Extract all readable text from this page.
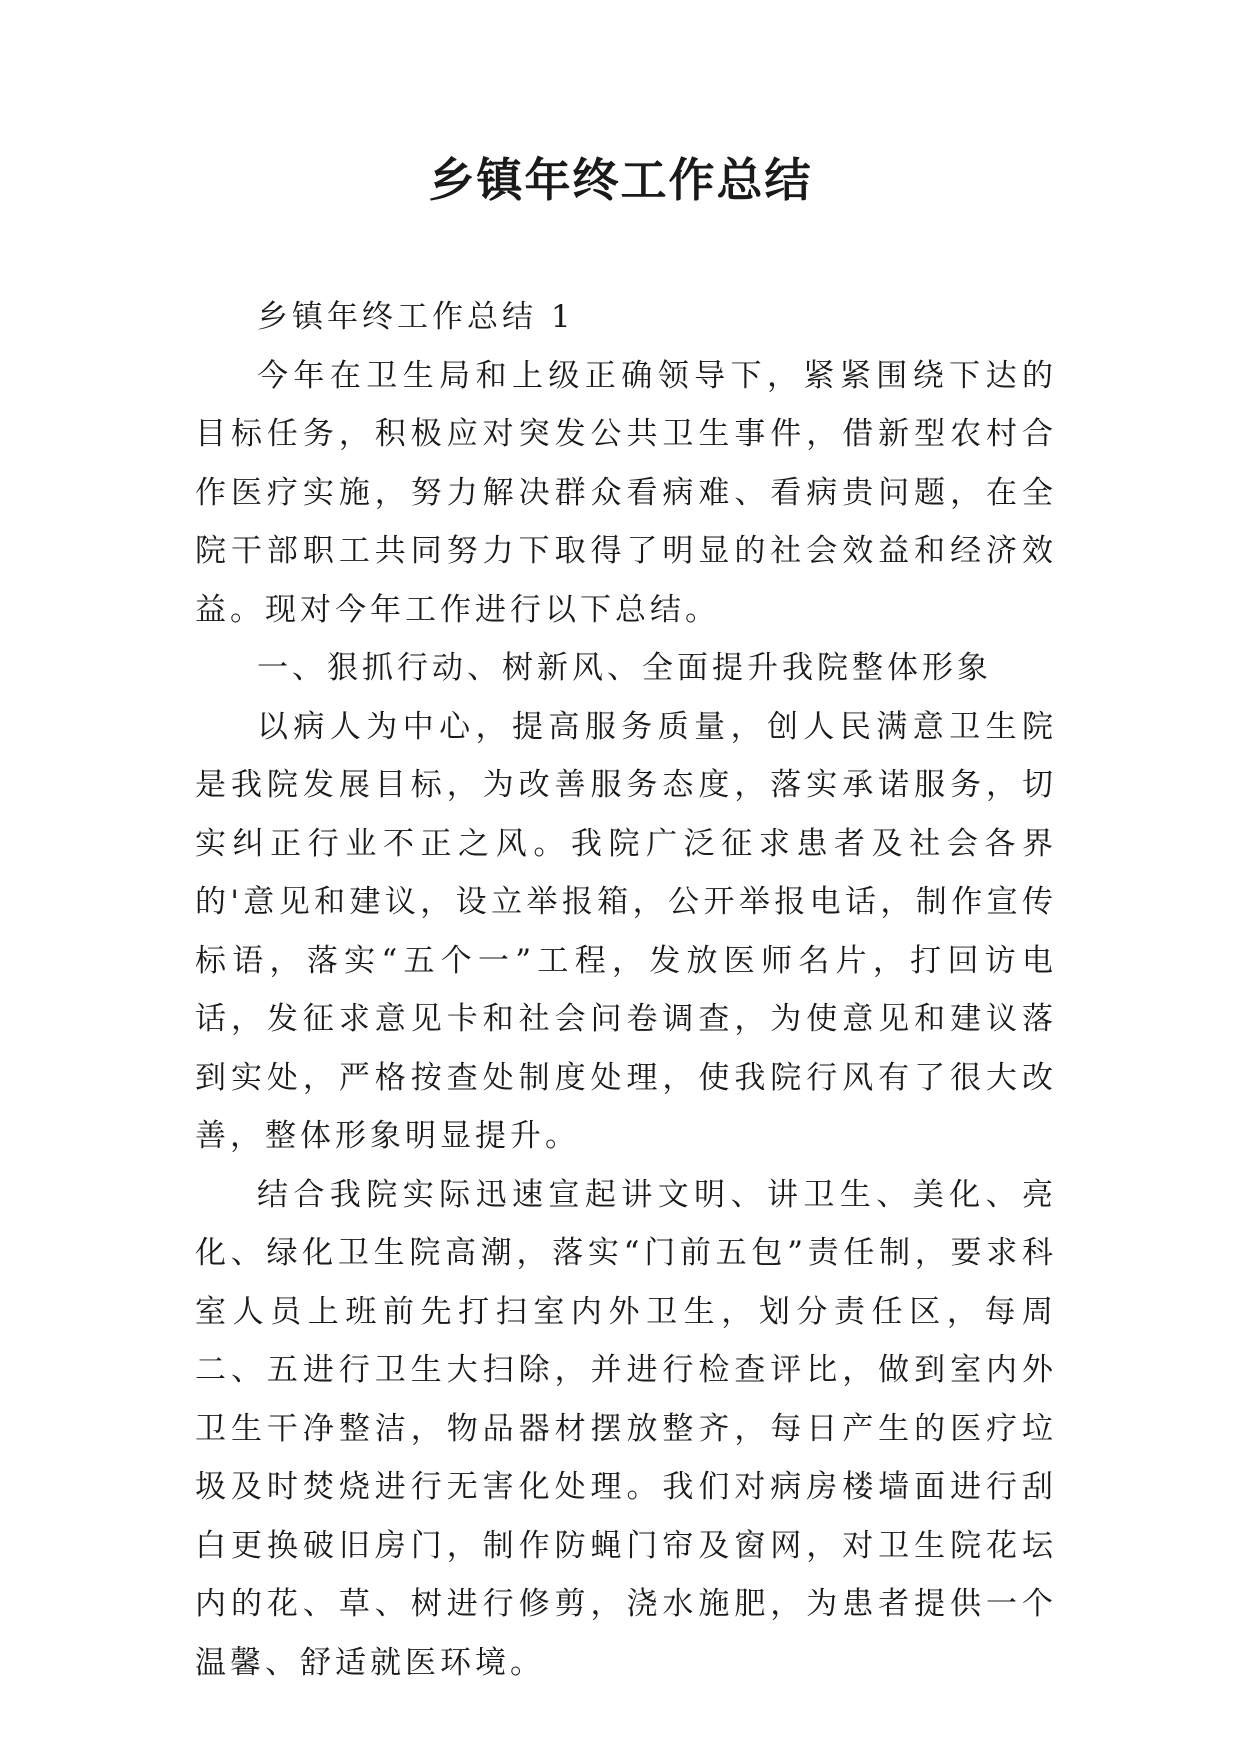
乡镇年终工作总结

乡镇年终工作总结 1

今年在卫生局和上级正确领导下，紧紧围绕下达的目标任务，积极应对突发公共卫生事件，借新型农村合作医疗实施，努力解决群众看病难、看病贵问题，在全院干部职工共同努力下取得了明显的社会效益和经济效益。现对今年工作进行以下总结。

一、狠抓行动、树新风、全面提升我院整体形象

以病人为中心，提高服务质量，创人民满意卫生院是我院发展目标，为改善服务态度，落实承诺服务，切实纠正行业不正之风。我院广泛征求患者及社会各界的'意见和建议，设立举报箱，公开举报电话，制作宣传标语，落实“五个一”工程，发放医师名片，打回访电话，发征求意见卡和社会问卷调查，为使意见和建议落到实处，严格按查处制度处理，使我院行风有了很大改善，整体形象明显提升。

结合我院实际迅速宣起讲文明、讲卫生、美化、亮化、绿化卫生院高潮，落实“门前五包”责任制，要求科室人员上班前先打扫室内外卫生，划分责任区，每周二、五进行卫生大扫除，并进行检查评比，做到室内外卫生干净整洁，物品器材摆放整齐，每日产生的医疗垃圾及时焚烧进行无害化处理。我们对病房楼墙面进行刮白更换破旧房门，制作防蝇门帘及窗网，对卫生院花坛内的花、草、树进行修剪，浇水施肥，为患者提供一个温馨、舒适就医环境。
